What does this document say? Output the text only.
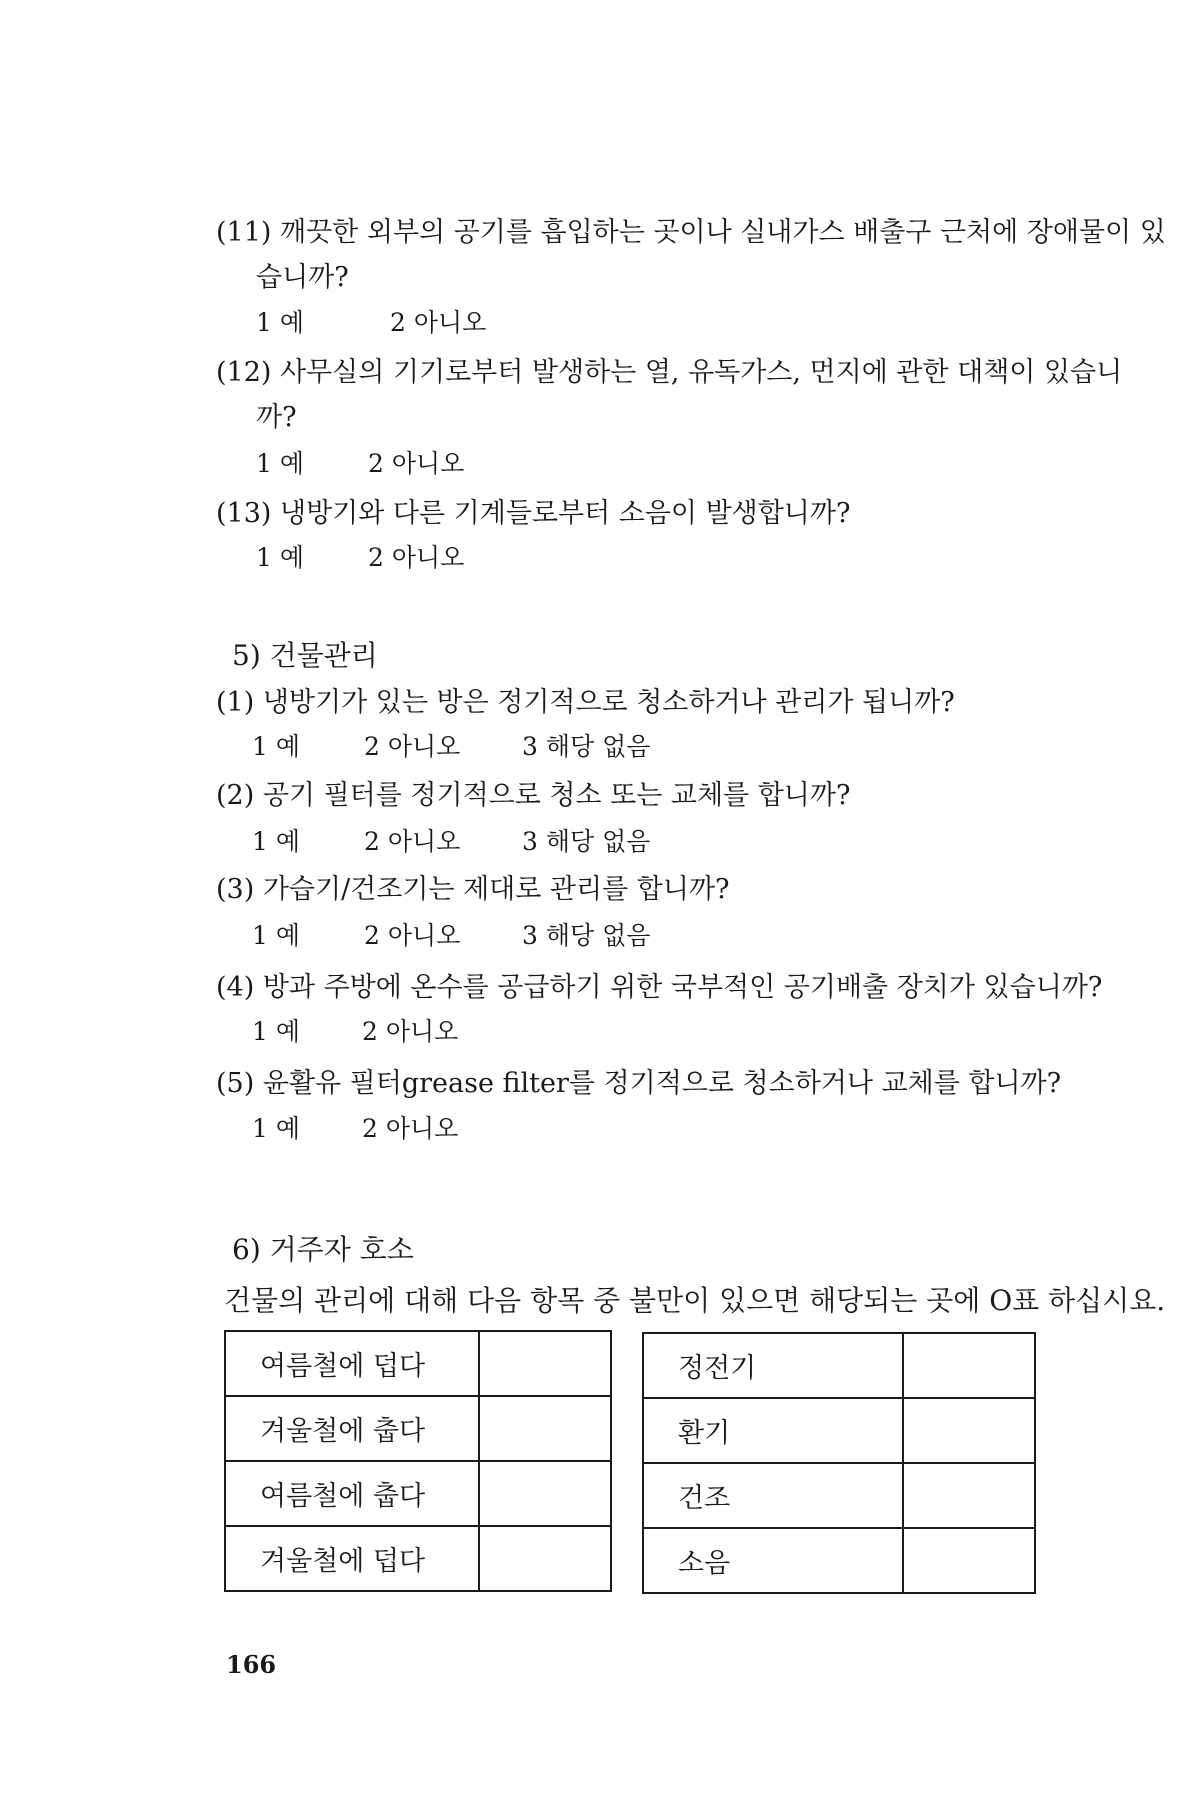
(11) 깨끗한 외부의 공기를 흡입하는 곳이나 실내가스 배출구 근처에 장애물이 있
습니까?
1 예	2 아니오
(12) 사무실의 기기로부터 발생하는 열, 유독가스, 먼지에 관한 대책이 있습니
까?
1 예	2 아니오
(13) 냉방기와 다른 기계들로부터 소음이 발생합니까?
1 예	2 아니오
5) 건물관리
(1) 냉방기가 있는 방은 정기적으로 청소하거나 관리가 됩니까?
1 예	2 아니오 3 해당 없음
(2) 공기 필터를 정기적으로 청소 또는 교체를 합니까?
1 예	2 아니오 3 해당 없음
(3) 가습기/건조기는 제대로 관리를 합니까?
1 예	2 아니오 3 해당 없음
(4) 방과 주방에 온수를 공급하기 위한 국부적인 공기배출 장치가 있습니까?
1 예 2 아니오
(5) 윤활유 필터grease filter를 정기적으로 청소하거나 교체를 합니까?
1 예 2 아니오
6) 거주자 호소
건물의 관리에 대해 다음 항목 중 불만이 있으면 해당되는 곳에 O표 하십시요.
여름철에 덥다	
겨울철에 춥다	
여름철에 춥다	
겨울철에 덥다	
정전기	
환기	
건조	
소음	
166
